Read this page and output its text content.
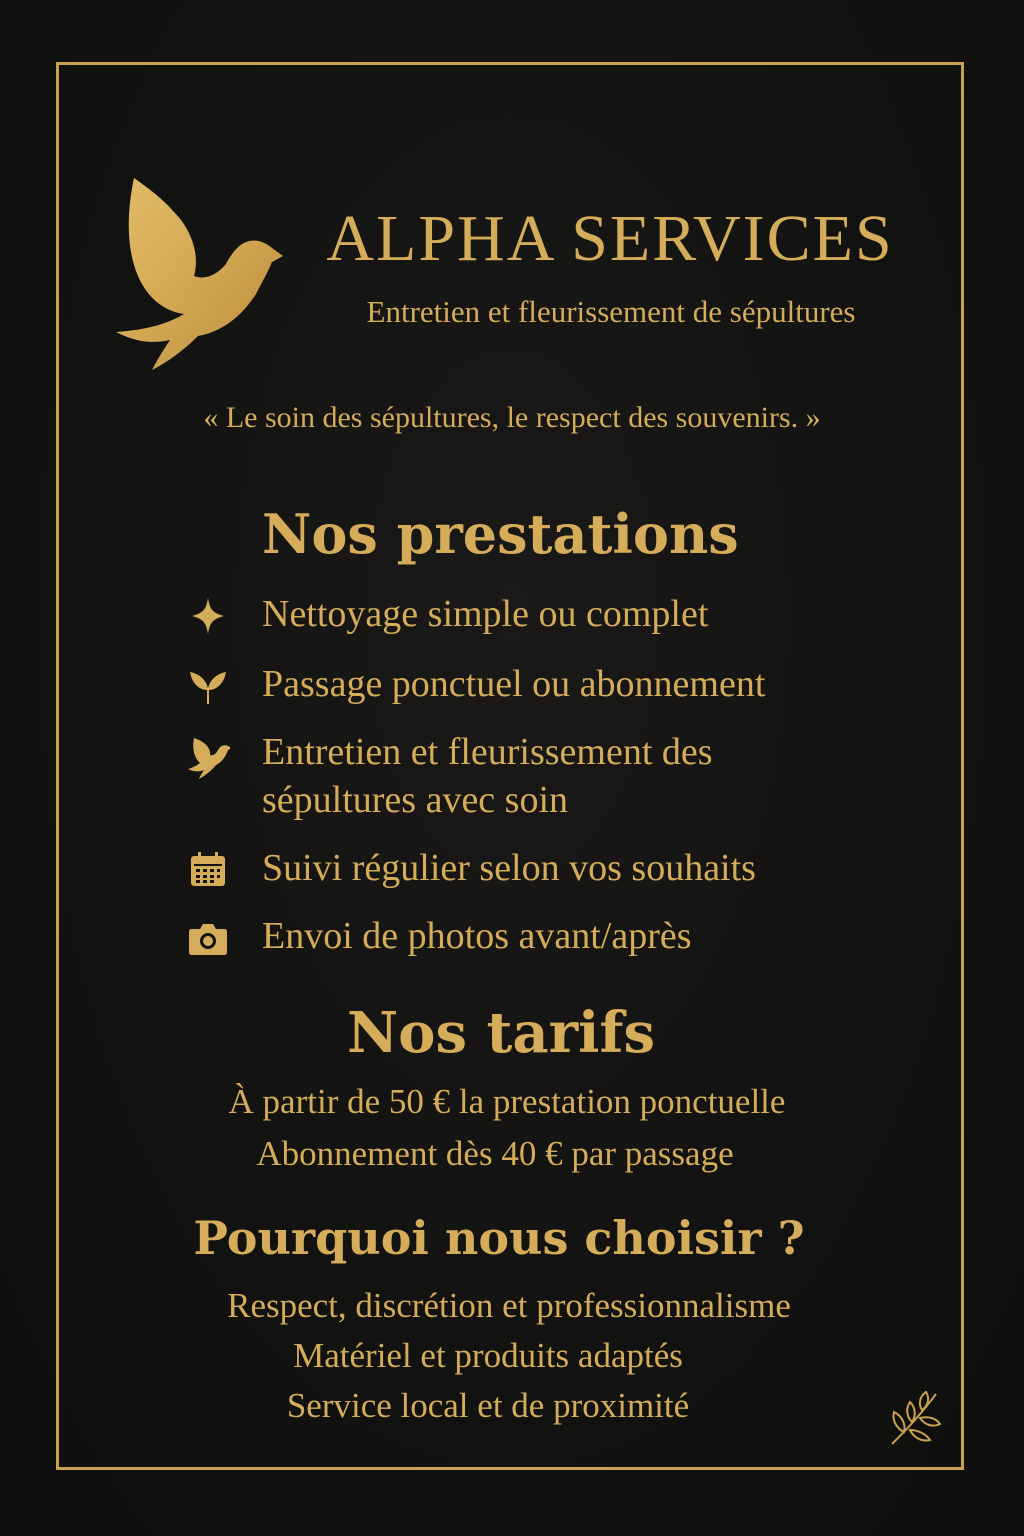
ALPHA SERVICES
Entretien et fleurissement de sépultures
« Le soin des sépultures, le respect des souvenirs. »
Nos prestations
Nettoyage simple ou complet
Passage ponctuel ou abonnement
Entretien et fleurissement des
sépultures avec soin
Suivi régulier selon vos souhaits
Envoi de photos avant/après
Nos tarifs
À partir de 50 € la prestation ponctuelle
Abonnement dès 40 € par passage
Pourquoi nous choisir ?
Respect, discrétion et professionnalisme
Matériel et produits adaptés
Service local et de proximité
